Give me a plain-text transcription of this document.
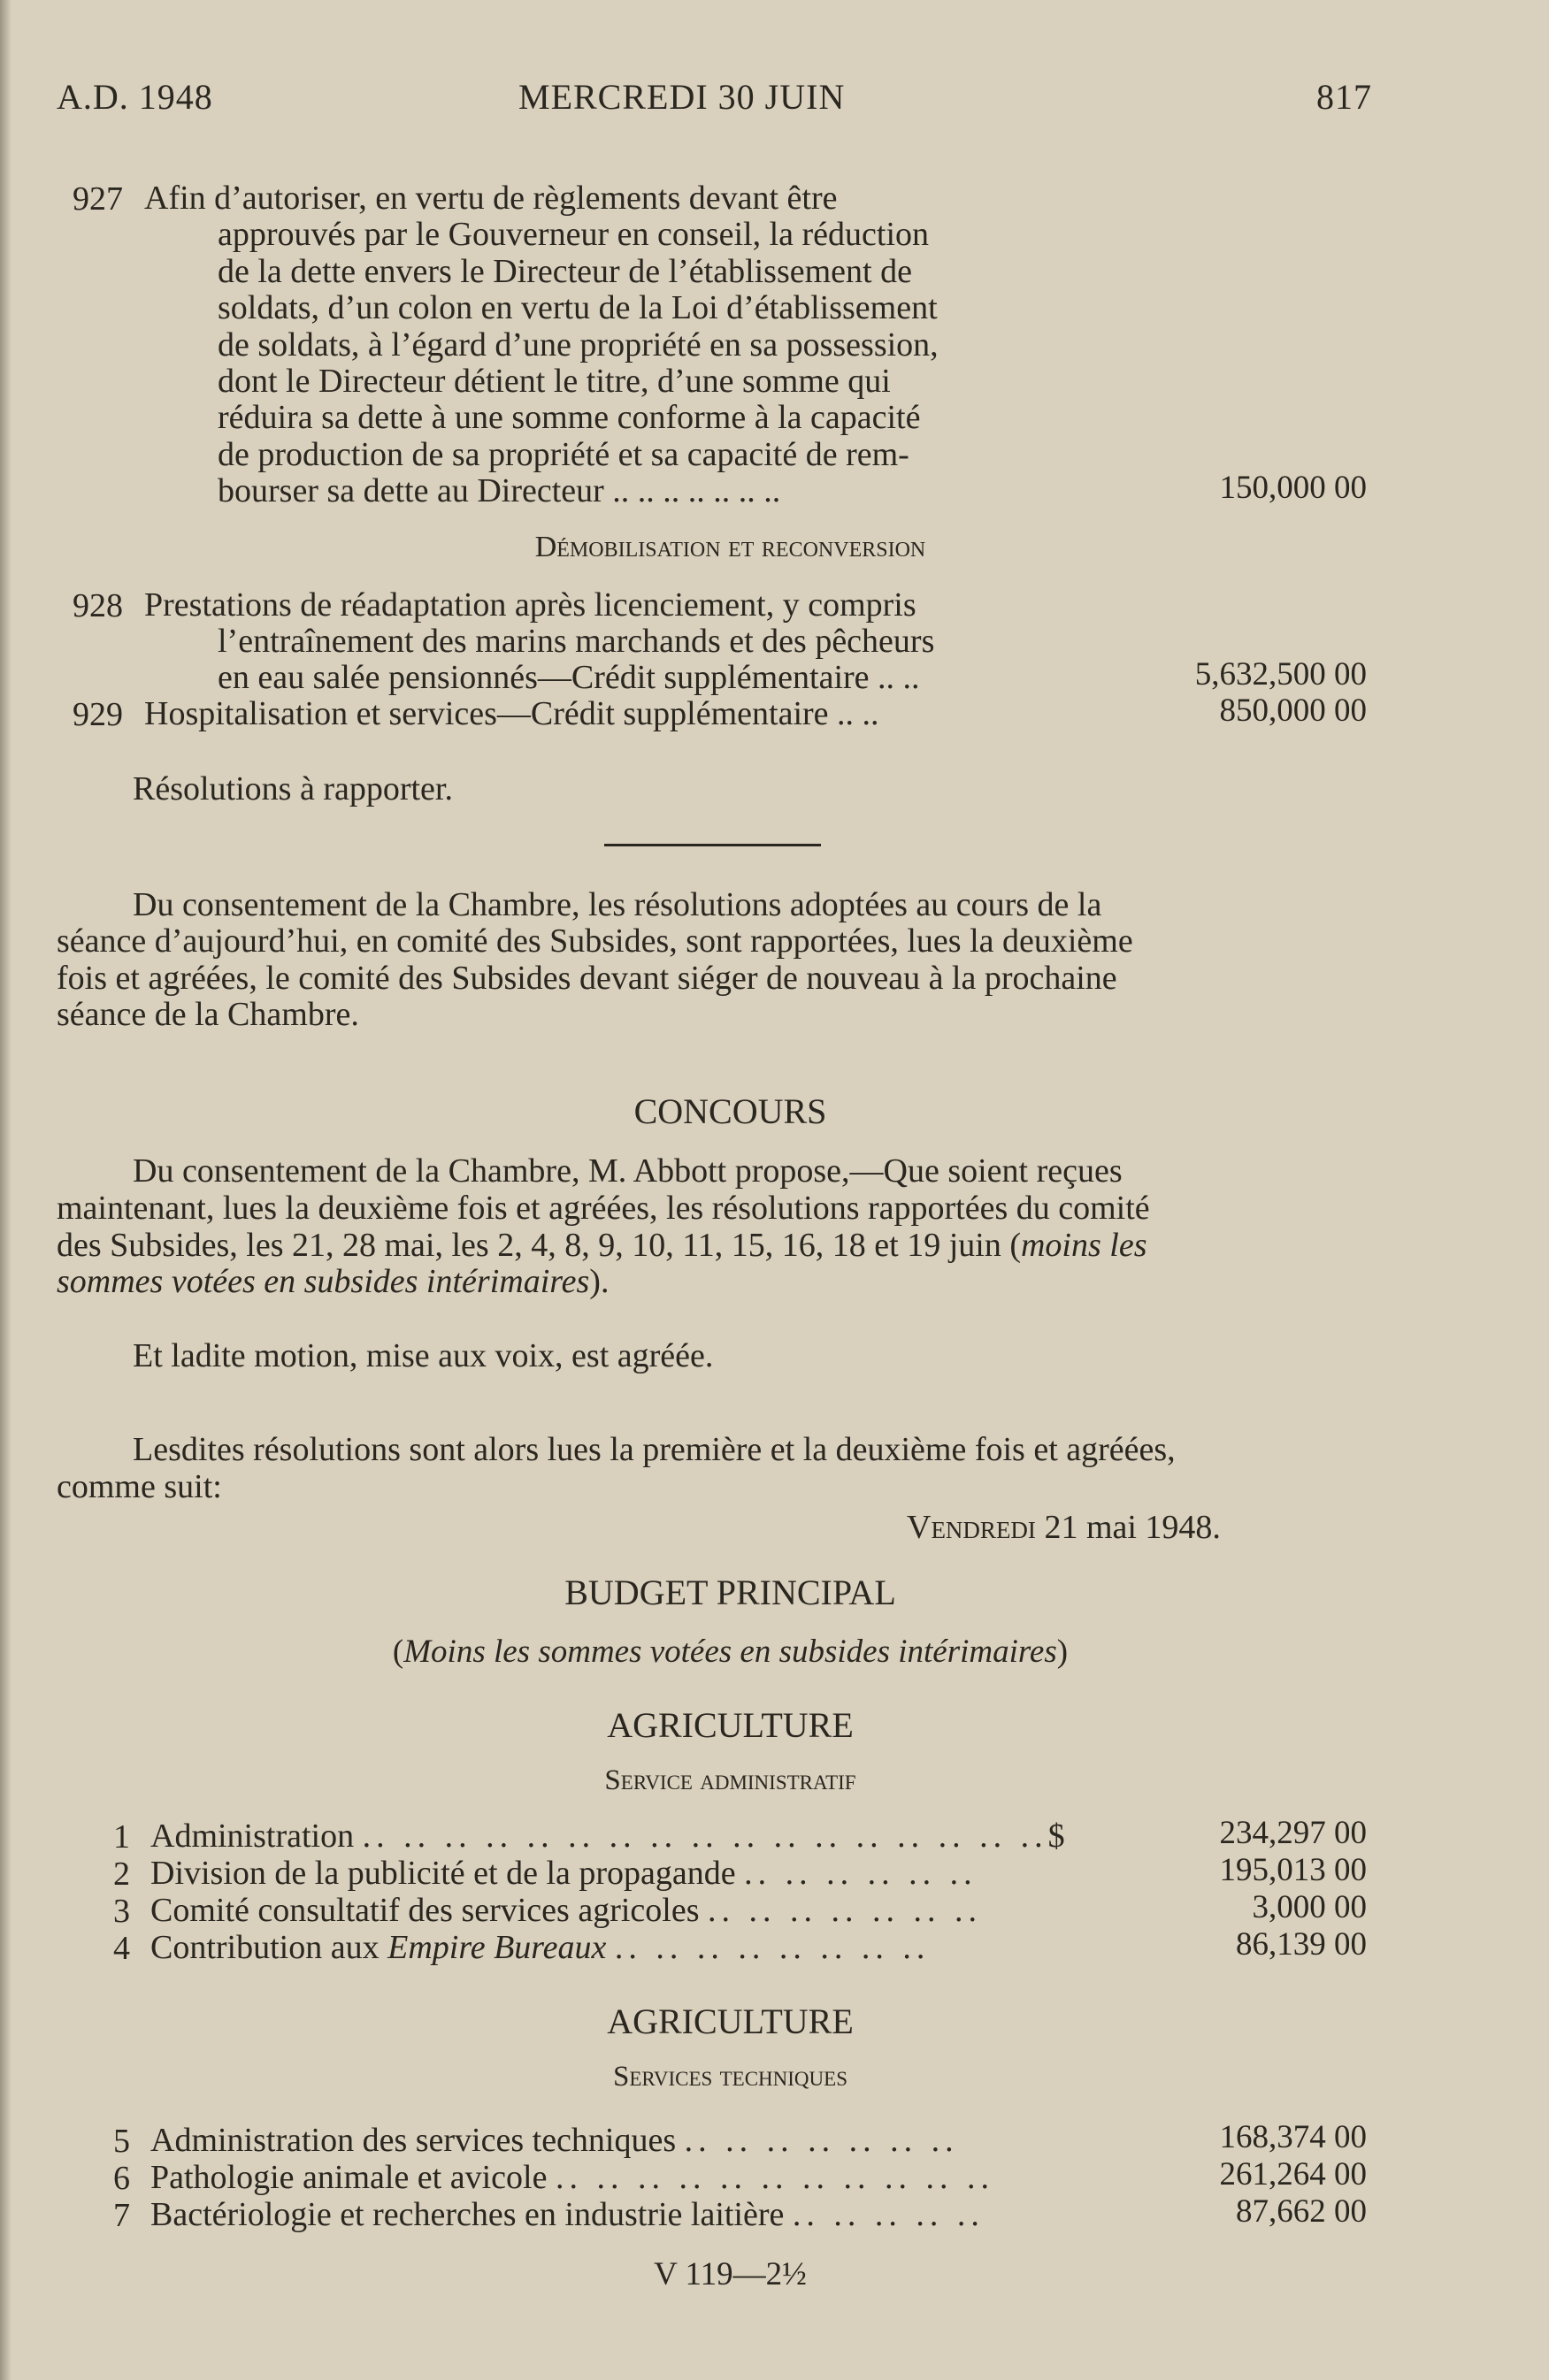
A.D. 1948	MERCREDI 30 JUIN	817
927 Afin d’autoriser, en vertu de règlements devant être
approuvés par le Gouverneur en conseil, la réduction
de la dette envers le Directeur de l’établissement de
soldats, d’un colon en vertu de la Loi d’établissement
de soldats, à l’égard d’une propriété en sa possession,
dont le Directeur détient le titre, d’une somme qui
réduira sa dette à une somme conforme à la capacité
de production de sa propriété et sa capacité de rem-
bourser sa dette au Directeur .. .. .. .. .. .. ..	150,000 00
Démobilisation et reconversion
928 Prestations de réadaptation après licenciement, y compris
l’entraînement des marins marchands et des pêcheurs
en eau salée pensionnés—Crédit supplémentaire .. ..	5,632,500 00
929 Hospitalisation et services—Crédit supplémentaire .. ..	850,000 00
Résolutions à rapporter.
Du consentement de la Chambre, les résolutions adoptées au cours de la
séance d’aujourd’hui, en comité des Subsides, sont rapportées, lues la deuxième
fois et agréées, le comité des Subsides devant siéger de nouveau à la prochaine
séance de la Chambre.
CONCOURS
Du consentement de la Chambre, M. Abbott propose,—Que soient reçues
maintenant, lues la deuxième fois et agréées, les résolutions rapportées du comité
des Subsides, les 21, 28 mai, les 2, 4, 8, 9, 10, 11, 15, 16, 18 et 19 juin (moins les
sommes votées en subsides intérimaires).
Et ladite motion, mise aux voix, est agréée.
Lesdites résolutions sont alors lues la première et la deuxième fois et agréées,
comme suit:
Vendredi 21 mai 1948.
BUDGET PRINCIPAL
(Moins les sommes votées en subsides intérimaires)
AGRICULTURE
Service administratif
1 Administration .. .. .. .. .. .. .. .. .. .. .. .. .. .. .. .. ..$	234,297 00
2 Division de la publicité et de la propagande .. .. .. .. .. ..	195,013 00
3 Comité consultatif des services agricoles .. .. .. .. .. .. ..	3,000 00
4 Contribution aux Empire Bureaux .. .. .. .. .. .. .. ..	86,139 00
AGRICULTURE
Services techniques
5 Administration des services techniques .. .. .. .. .. .. ..	168,374 00
6 Pathologie animale et avicole .. .. .. .. .. .. .. .. .. .. ..	261,264 00
7 Bactériologie et recherches en industrie laitière .. .. .. .. ..	87,662 00
V 119—2½
